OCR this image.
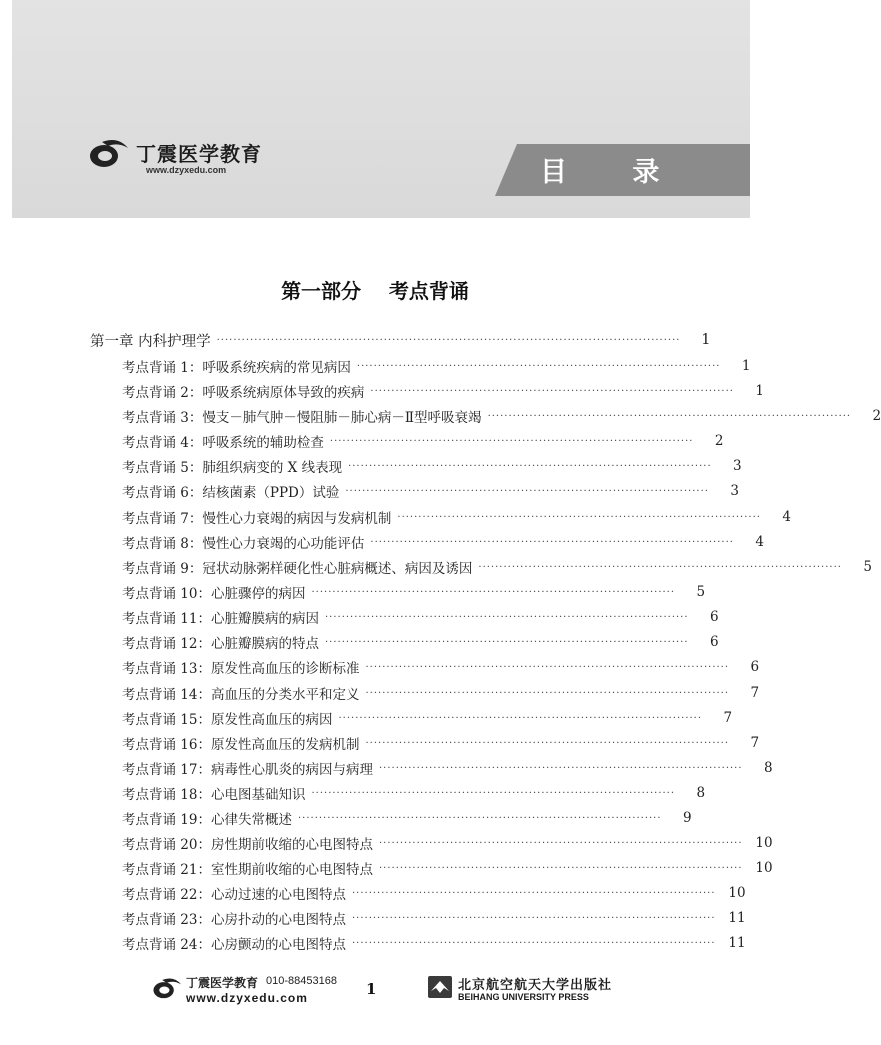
丁震医学教育
www.dzyxedu.com	目 录
第一部分    考点背诵
第一章 内科护理学 ···············································································································	1
考点背诵 1：呼吸系统疾病的常见病因 ·······················································································	1
考点背诵 2：呼吸系统病原体导致的疾病 ·······················································································	1
考点背诵 3：慢支－肺气肿－慢阻肺－肺心病－Ⅱ型呼吸衰竭 ·······················································································	2
考点背诵 4：呼吸系统的辅助检查 ·······················································································	2
考点背诵 5：肺组织病变的 X 线表现 ·······················································································	3
考点背诵 6：结核菌素（PPD）试验 ·······················································································	3
考点背诵 7：慢性心力衰竭的病因与发病机制 ·······················································································	4
考点背诵 8：慢性心力衰竭的心功能评估 ·······················································································	4
考点背诵 9：冠状动脉粥样硬化性心脏病概述、病因及诱因 ·······················································································	5
考点背诵 10：心脏骤停的病因 ·······················································································	5
考点背诵 11：心脏瓣膜病的病因 ·······················································································	6
考点背诵 12：心脏瓣膜病的特点 ·······················································································	6
考点背诵 13：原发性高血压的诊断标准 ·······················································································	6
考点背诵 14：高血压的分类水平和定义 ·······················································································	7
考点背诵 15：原发性高血压的病因 ·······················································································	7
考点背诵 16：原发性高血压的发病机制 ·······················································································	7
考点背诵 17：病毒性心肌炎的病因与病理 ·······················································································	8
考点背诵 18：心电图基础知识 ·······················································································	8
考点背诵 19：心律失常概述 ·······················································································	9
考点背诵 20：房性期前收缩的心电图特点 ······················································································· 10
考点背诵 21：室性期前收缩的心电图特点 ······················································································· 10
考点背诵 22：心动过速的心电图特点 ······················································································· 10
考点背诵 23：心房扑动的心电图特点 ······················································································· 11
考点背诵 24：心房颤动的心电图特点 ······················································································· 11
丁震医学教育 010-88453168
www.dzyxedu.com	1	北京航空航天大学出版社
BEIHANG UNIVERSITY PRESS
